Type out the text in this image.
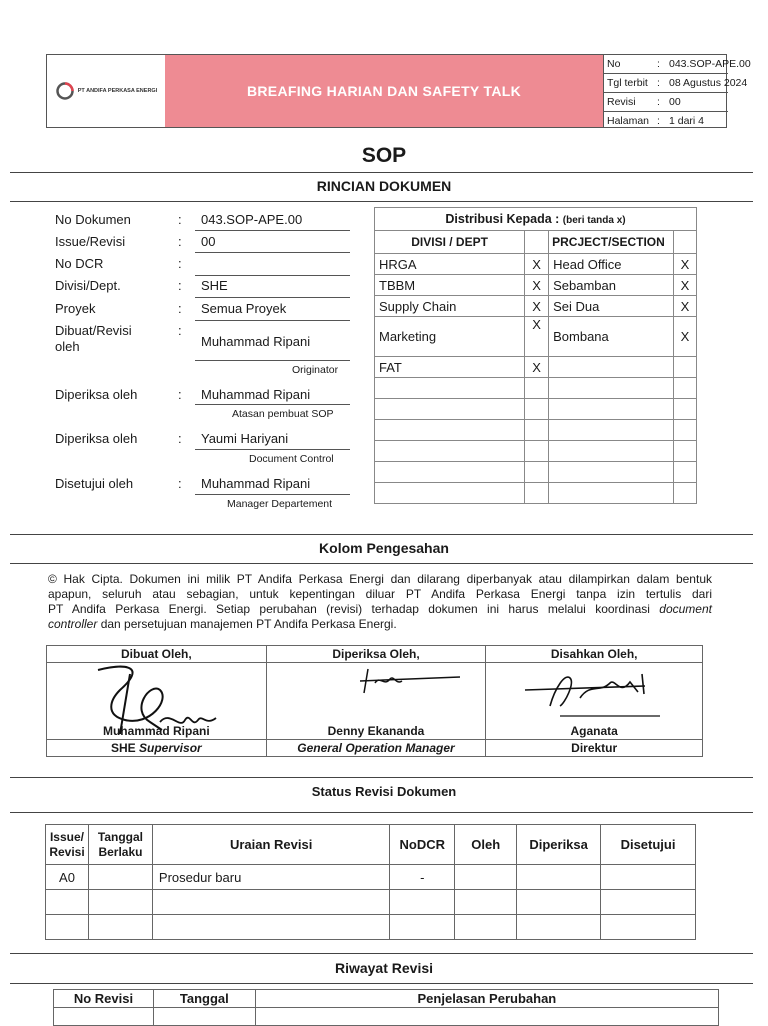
PT ANDIFA PERKASA ENERGI	BREAFING HARIAN DAN SAFETY TALK
No	: 043.SOP-APE.00
Tgl terbit : 08 Agustus 2024
Revisi : 00
Halaman : 1 dari 4
SOP
RINCIAN DOKUMEN
No Dokumen	: 043.SOP-APE.00
Issue/Revisi	: 00
No DCR	:
Divisi/Dept.	: SHE
Proyek	: Semua Proyek
Dibuat/Revisi oleh
:
Muhammad Ripani
Originator
Diperiksa oleh	: Muhammad Ripani
Atasan pembuat SOP
Diperiksa oleh	: Yaumi Hariyani
Document Control
Disetujui oleh	: Muhammad Ripani
Manager Departement
Distribusi Kepada : (beri tanda x)			
DIVISI / DEPT		PRCJECT/SECTION	
HRGA	X	Head Office	X
TBBM	X	Sebamban	X
Supply Chain	X	Sei Dua	X
Marketing	X	Bombana	X
FAT	X		

Kolom Pengesahan
© Hak Cipta. Dokumen ini milik PT Andifa Perkasa Energi dan dilarang diperbanyak atau dilampirkan dalam bentuk
apapun, seluruh atau sebagian, untuk kepentingan diluar PT Andifa Perkasa Energi tanpa izin tertulis dari
PT Andifa Perkasa Energi. Setiap perubahan (revisi) terhadap dokumen ini harus melalui koordinasi document
controller dan persetujuan manajemen PT Andifa Perkasa Energi.
Dibuat Oleh,	Diperiksa Oleh,	Disahkan Oleh,

Muhammad Ripani	Denny Ekananda	Aganata
SHE Supervisor	General Operation Manager	Direktur
Status Revisi Dokumen
Issue/ Revisi	Tanggal Berlaku	Uraian Revisi	NoDCR	Oleh	Diperiksa	Disetujui
A0		Prosedur baru	-			

Riwayat Revisi
No Revisi	Tanggal	Penjelasan Perubahan
